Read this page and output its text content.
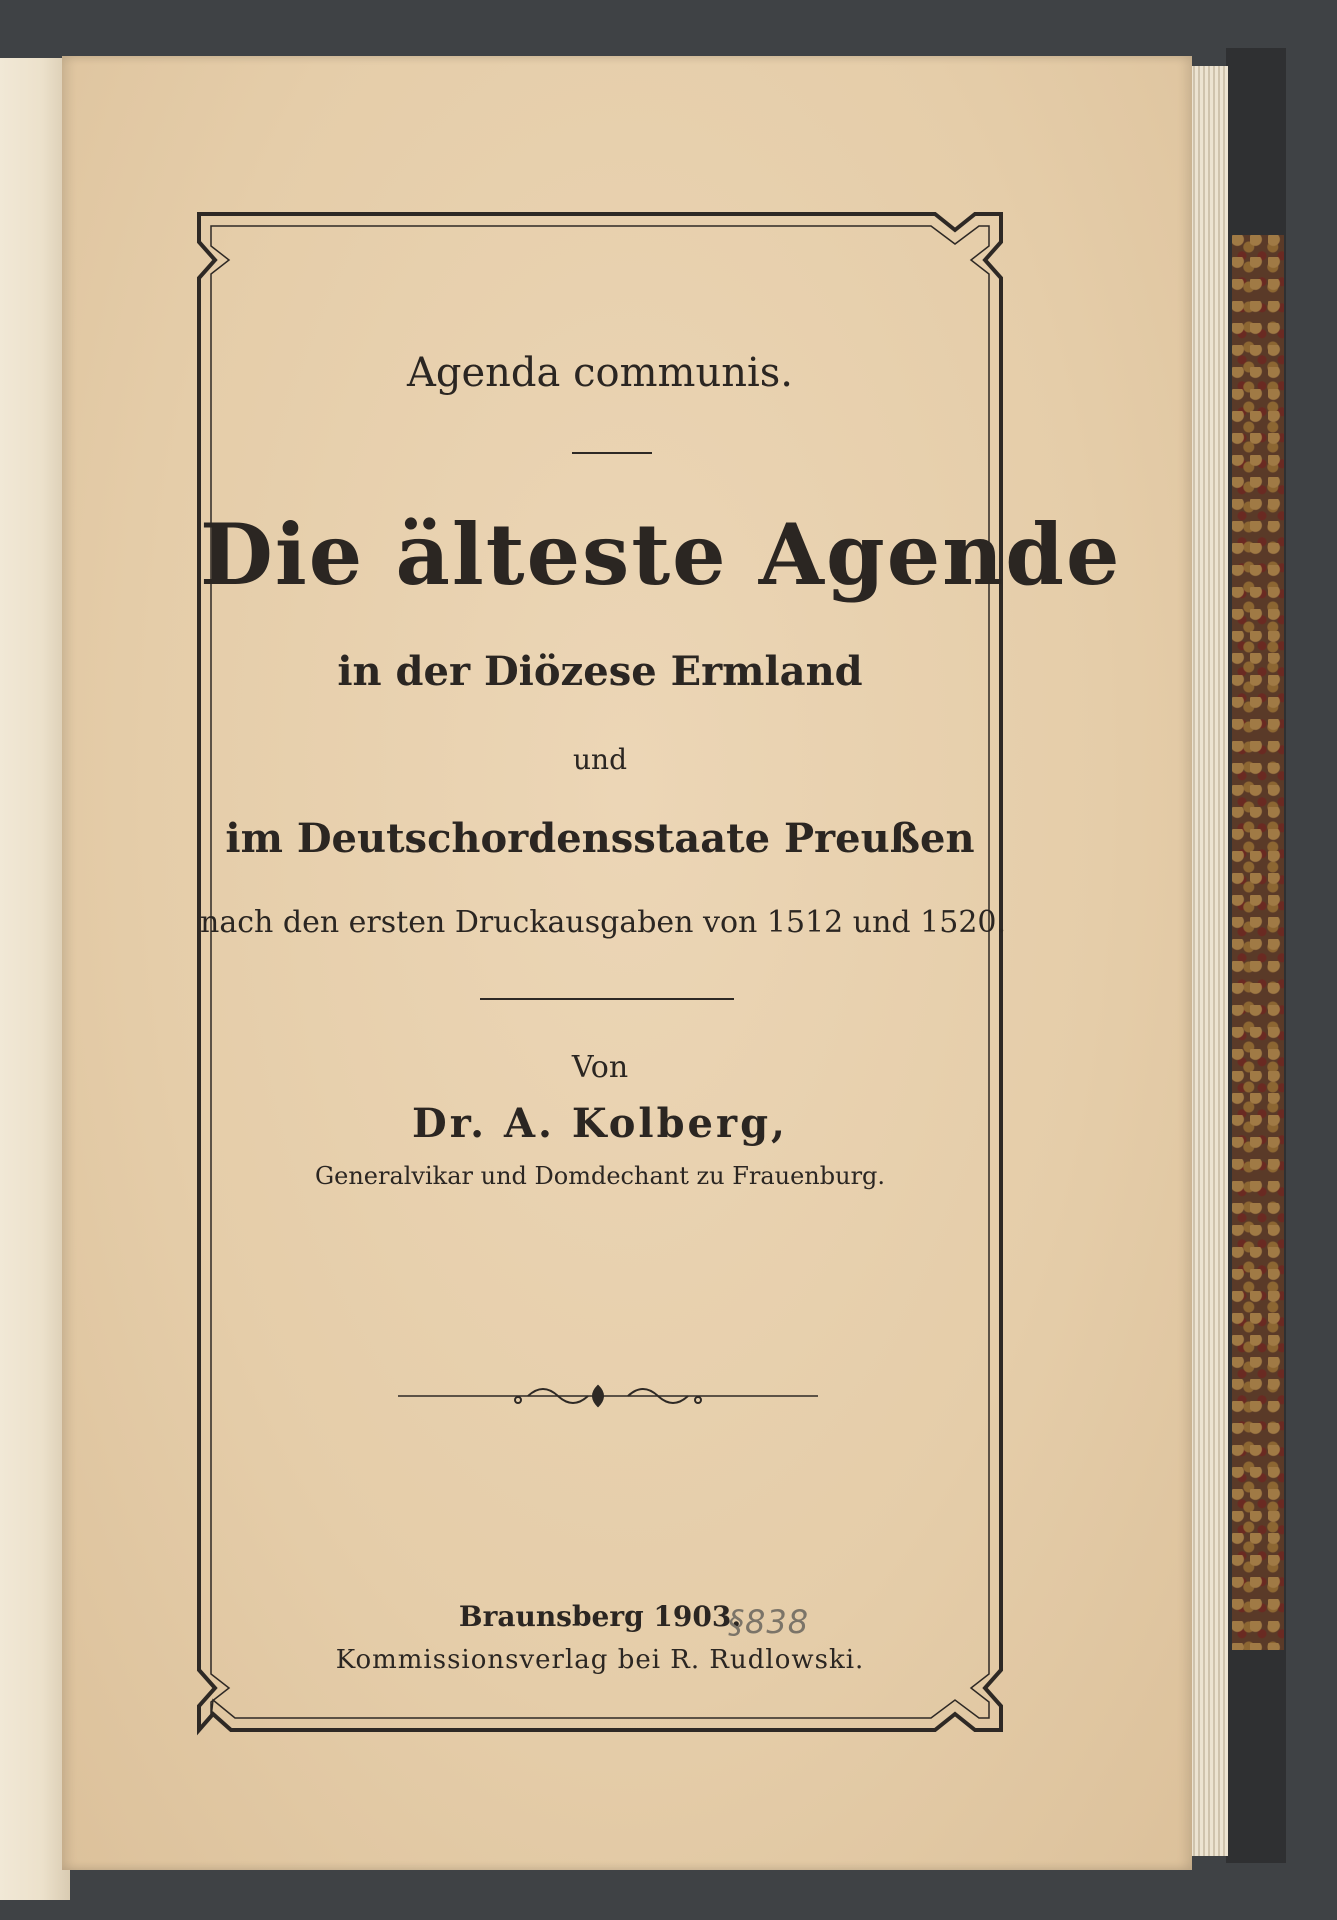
Agenda communis.
Die älteste Agende
in der Diözese Ermland
und
im Deutschordensstaate Preußen
nach den ersten Druckausgaben von 1512 und 1520.
Von
Dr. A. Kolberg,
Generalvikar und Domdechant zu Frauenburg.
Braunsberg 1903.
Kommissionsverlag bei R. Rudlowski.
§838
